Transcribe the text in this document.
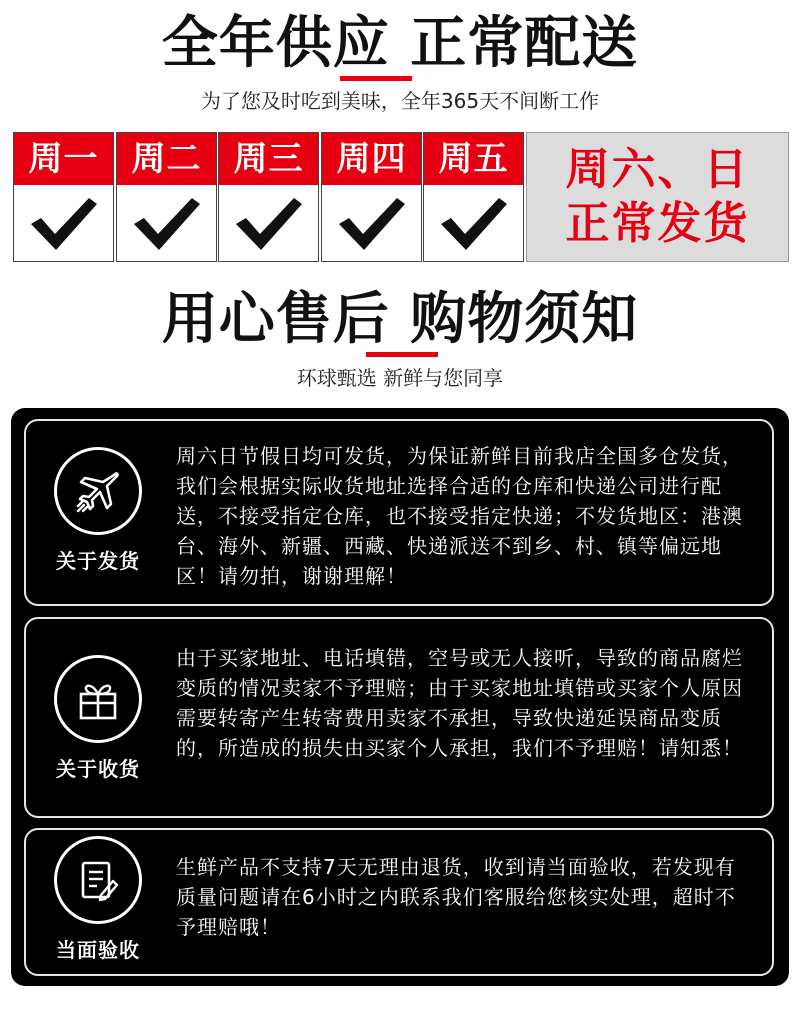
全年供应 正常配送
为了您及时吃到美味，全年365天不间断工作
周一 周二 周三 周四 周五	周六、日
正常发货
用心售后 购物须知
环球甄选 新鲜与您同享
关于发货
周六日节假日均可发货，为保证新鲜目前我店全国多仓发货，我们会根据实际收货地址选择合适的仓库和快递公司进行配送，不接受指定仓库，也不接受指定快递；不发货地区：港澳台、海外、新疆、西藏、快递派送不到乡、村、镇等偏远地区！请勿拍，谢谢理解！
关于收货
由于买家地址、电话填错，空号或无人接听，导致的商品腐烂变质的情况卖家不予理赔；由于买家地址填错或买家个人原因需要转寄产生转寄费用卖家不承担，导致快递延误商品变质的，所造成的损失由买家个人承担，我们不予理赔！请知悉！
当面验收
生鲜产品不支持7天无理由退货，收到请当面验收，若发现有质量问题请在6小时之内联系我们客服给您核实处理，超时不予理赔哦！
